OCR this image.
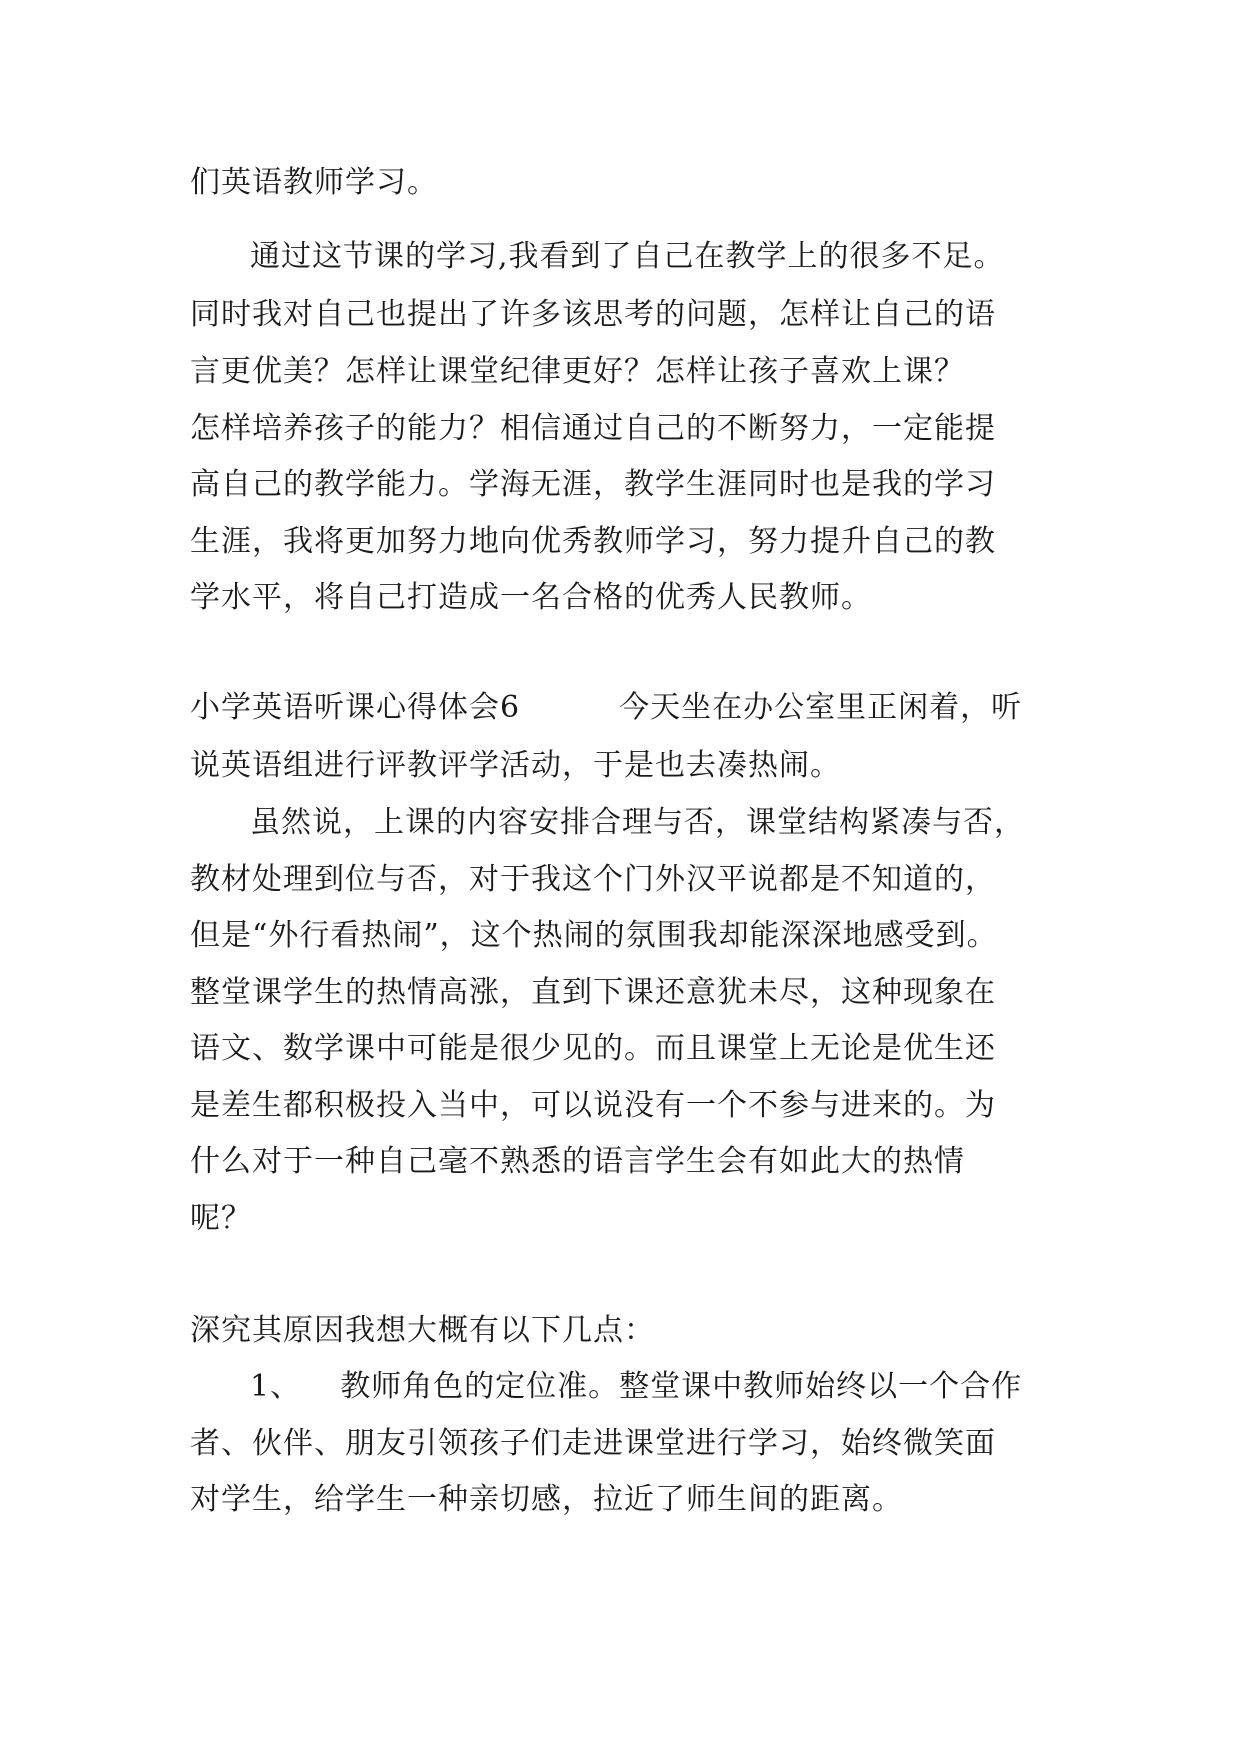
们英语教师学习。
通过这节课的学习,我看到了自己在教学上的很多不足。
同时我对自己也提出了许多该思考的问题，怎样让自己的语
言更优美？怎样让课堂纪律更好？怎样让孩子喜欢上课？
怎样培养孩子的能力？相信通过自己的不断努力，一定能提
高自己的教学能力。学海无涯，教学生涯同时也是我的学习
生涯，我将更加努力地向优秀教师学习，努力提升自己的教
学水平，将自己打造成一名合格的优秀人民教师。
小学英语听课心得体会6	今天坐在办公室里正闲着，听
说英语组进行评教评学活动，于是也去凑热闹。
虽然说，上课的内容安排合理与否，课堂结构紧凑与否，
教材处理到位与否，对于我这个门外汉平说都是不知道的，
但是“外行看热闹”，这个热闹的氛围我却能深深地感受到。
整堂课学生的热情高涨，直到下课还意犹未尽，这种现象在
语文、数学课中可能是很少见的。而且课堂上无论是优生还
是差生都积极投入当中，可以说没有一个不参与进来的。为
什么对于一种自己毫不熟悉的语言学生会有如此大的热情
呢？
深究其原因我想大概有以下几点：
1、 教师角色的定位准。整堂课中教师始终以一个合作
者、伙伴、朋友引领孩子们走进课堂进行学习，始终微笑面
对学生，给学生一种亲切感，拉近了师生间的距离。
